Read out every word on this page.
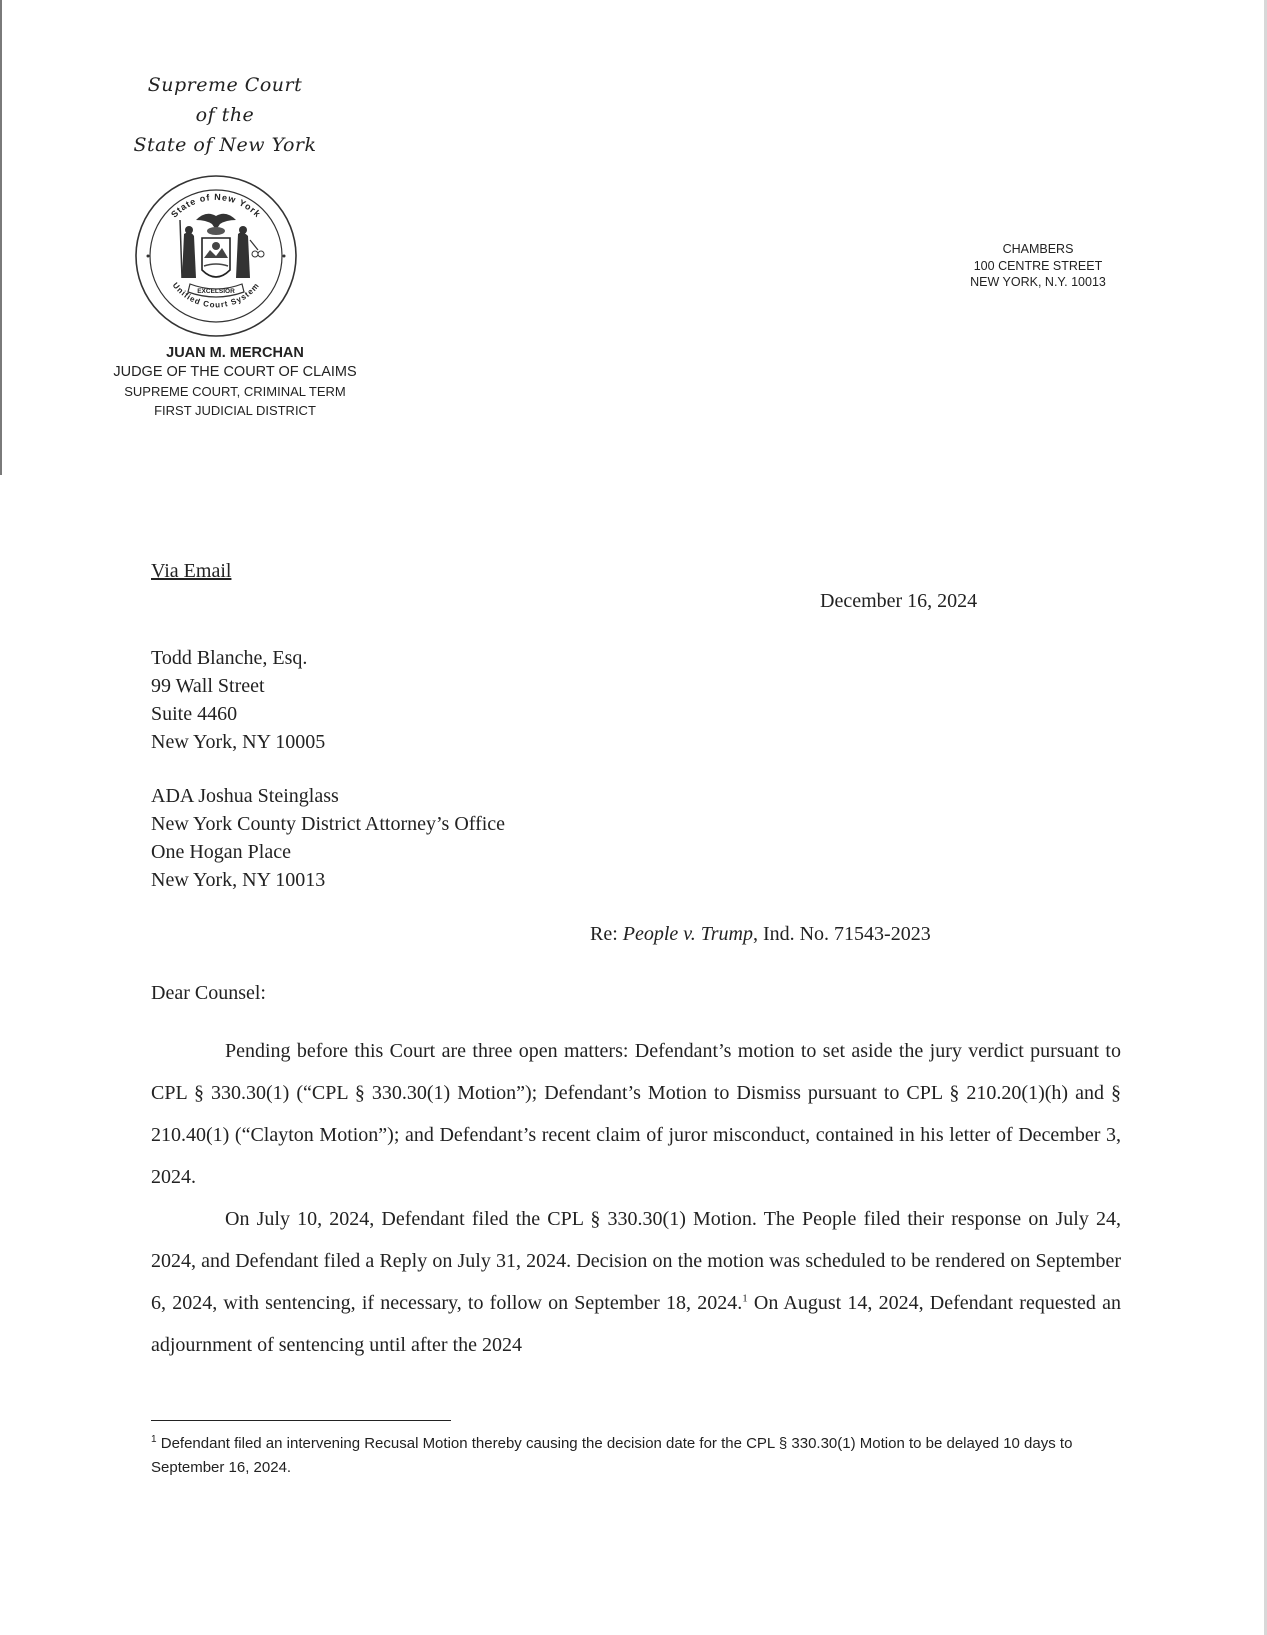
Supreme Court
of the
State of New York
State of New York
Unified Court System
EXCELSIOR
JUAN M. MERCHAN
JUDGE OF THE COURT OF CLAIMS
SUPREME COURT, CRIMINAL TERM
FIRST JUDICIAL DISTRICT
CHAMBERS
100 CENTRE STREET
NEW YORK, N.Y. 10013
Via Email
December 16, 2024
Todd Blanche, Esq.
99 Wall Street
Suite 4460
New York, NY 10005
ADA Joshua Steinglass
New York County District Attorney’s Office
One Hogan Place
New York, NY 10013
Re: People v. Trump, Ind. No. 71543-2023
Dear Counsel:

Pending before this Court are three open matters: Defendant’s motion to set aside the jury verdict pursuant to CPL § 330.30(1) (“CPL § 330.30(1) Motion”); Defendant’s Motion to Dismiss pursuant to CPL § 210.20(1)(h) and § 210.40(1) (“Clayton Motion”); and Defendant’s recent claim of juror misconduct, contained in his letter of December 3, 2024.

On July 10, 2024, Defendant filed the CPL § 330.30(1) Motion. The People filed their response on July 24, 2024, and Defendant filed a Reply on July 31, 2024. Decision on the motion was scheduled to be rendered on September 6, 2024, with sentencing, if necessary, to follow on September 18, 2024.$^1$ On August 14, 2024, Defendant requested an adjournment of sentencing until after the 2024

$^1$ Defendant filed an intervening Recusal Motion thereby causing the decision date for the CPL § 330.30(1) Motion to be delayed 10 days to September 16, 2024.
